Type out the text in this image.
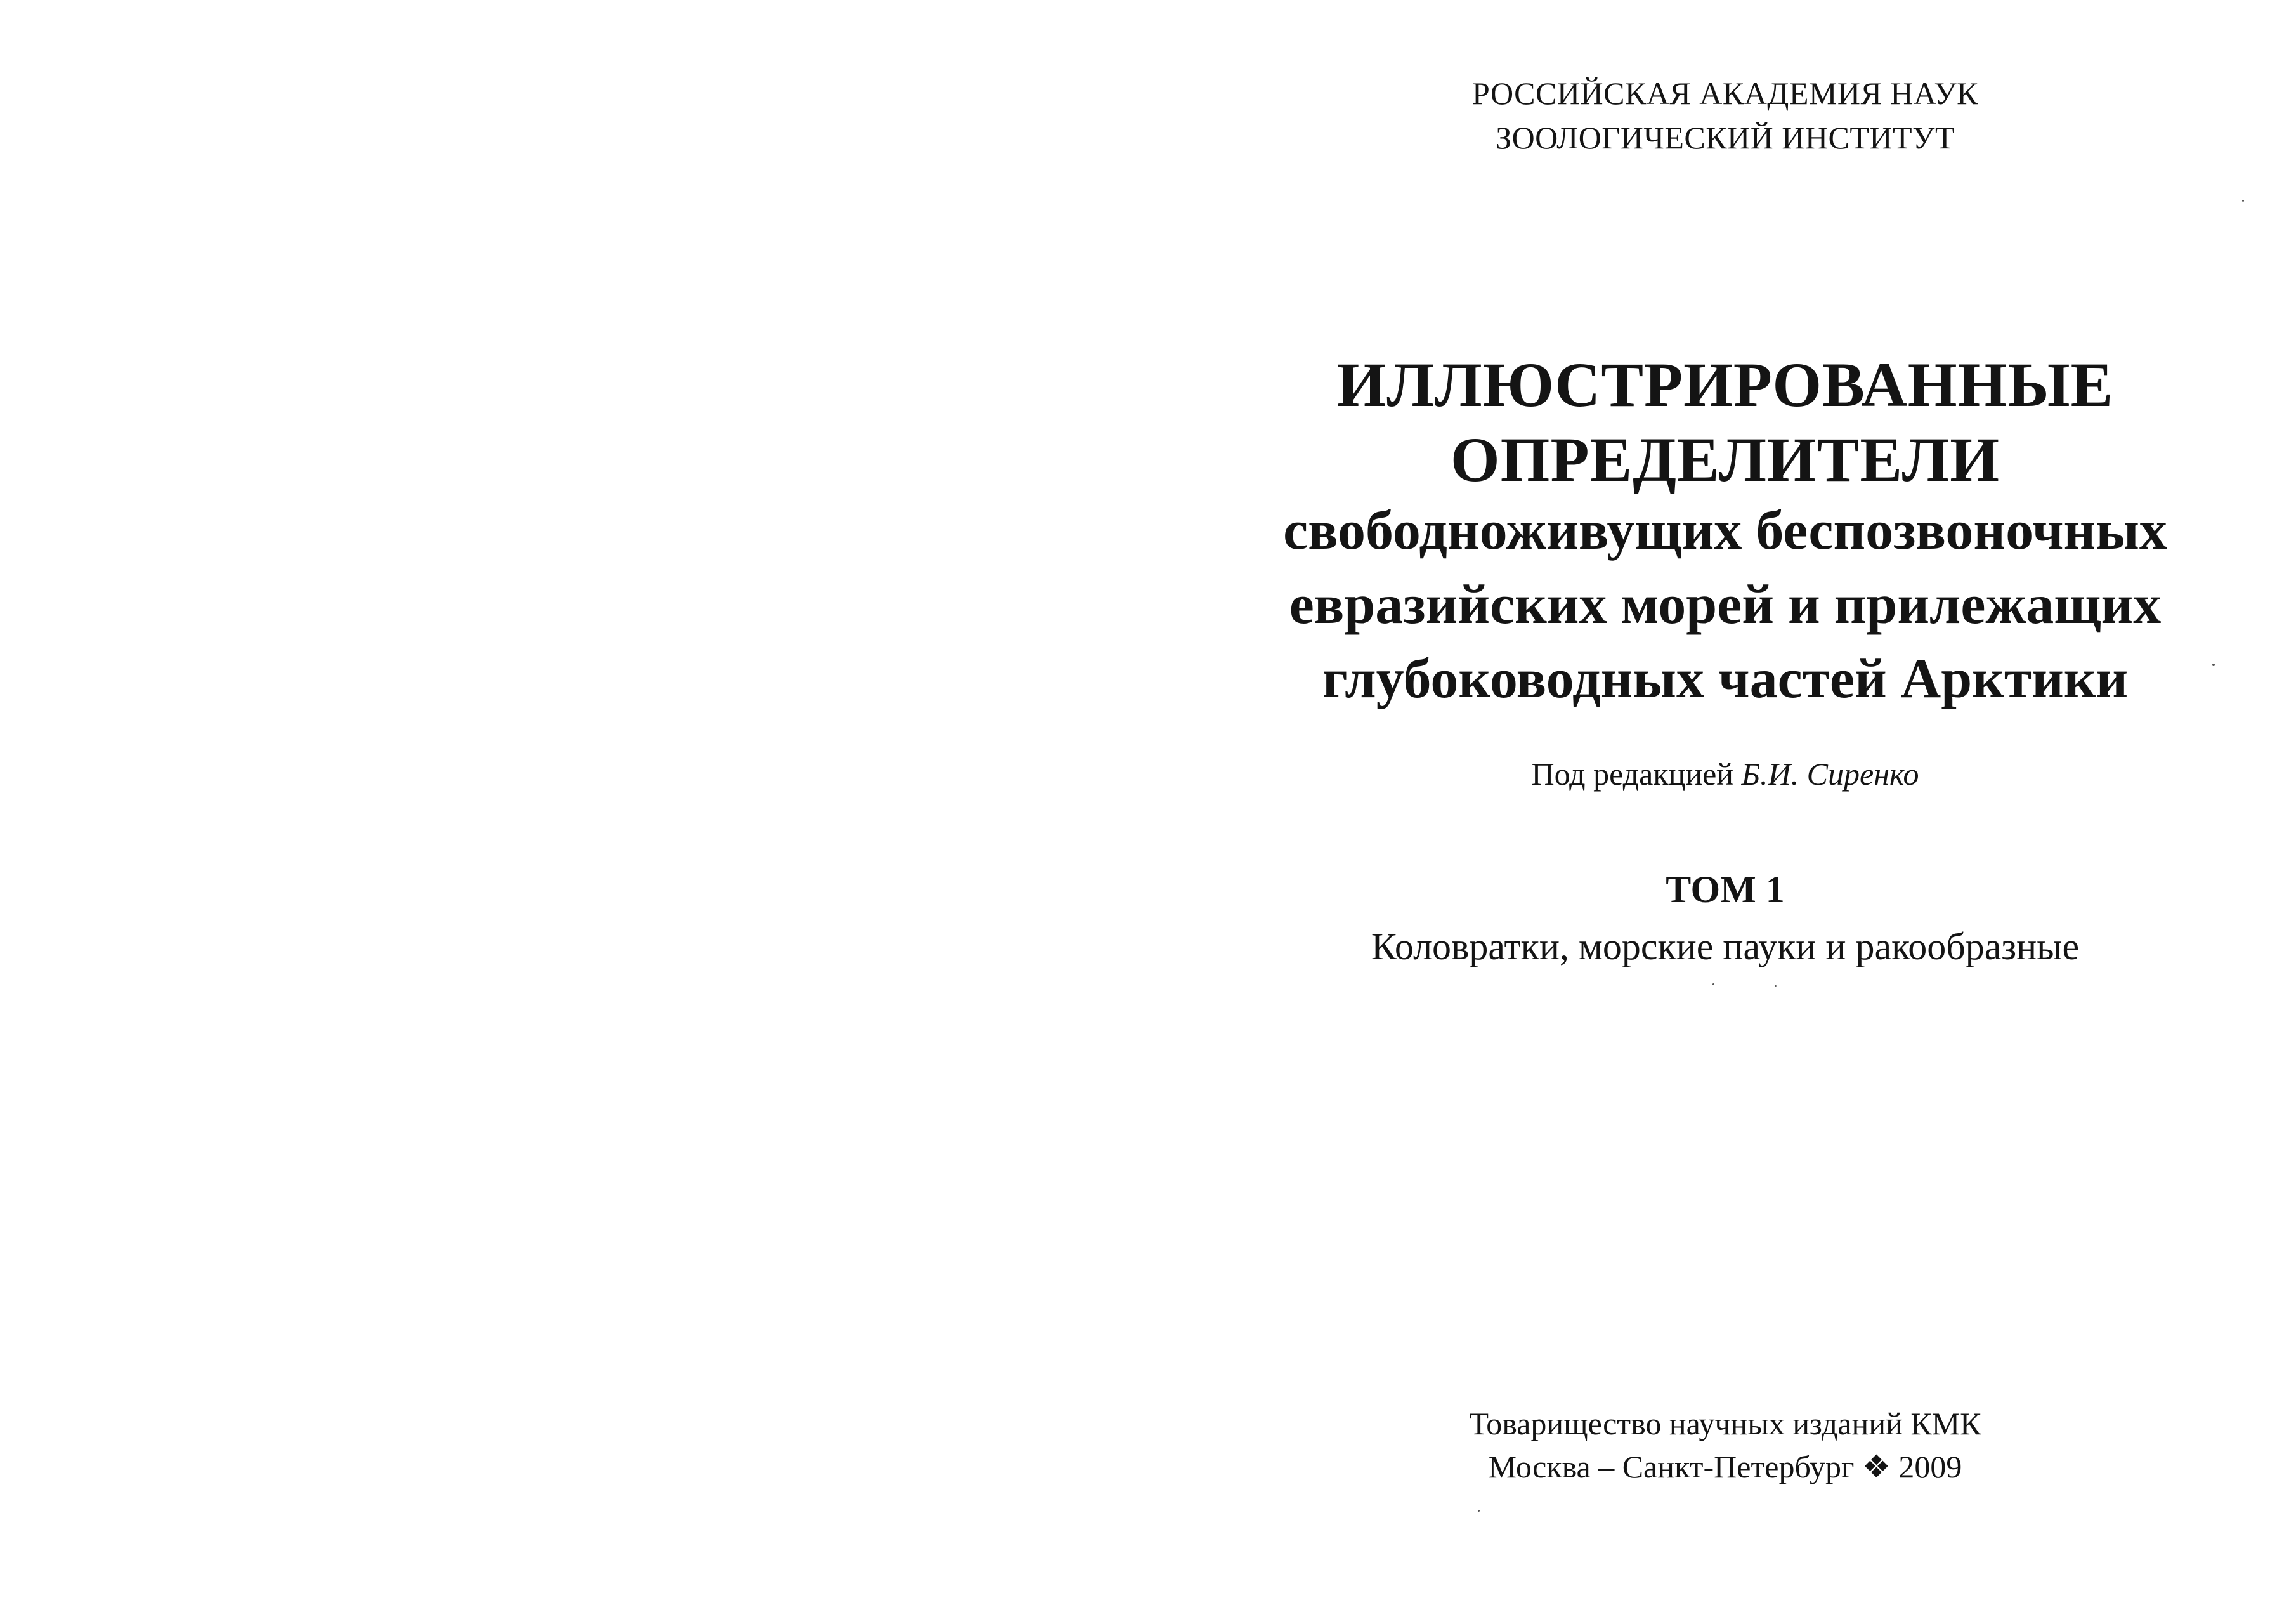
РОССИЙСКАЯ АКАДЕМИЯ НАУК
ЗООЛОГИЧЕСКИЙ ИНСТИТУТ
ИЛЛЮСТРИРОВАННЫЕ
ОПРЕДЕЛИТЕЛИ
свободноживущих беспозвоночных
евразийских морей и прилежащих
глубоководных частей Арктики
Под редакцией Б.И. Сиренко
ТОМ 1
Коловратки, морские пауки и ракообразные
Товарищество научных изданий КМК
Москва – Санкт-Петербург ❖ 2009
